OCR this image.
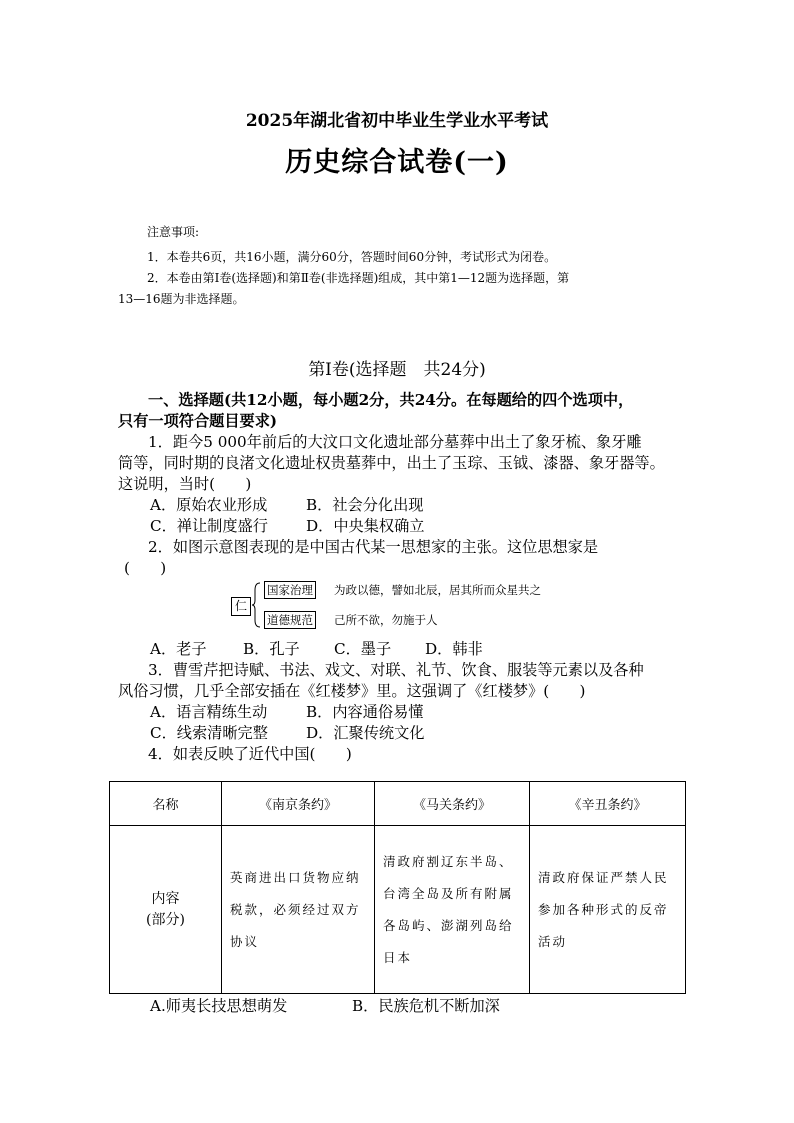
2025年湖北省初中毕业生学业水平考试
历史综合试卷(一)
注意事项:
1．本卷共6页，共16小题，满分60分，答题时间60分钟，考试形式为闭卷。
2．本卷由第Ⅰ卷(选择题)和第Ⅱ卷(非选择题)组成，其中第1—12题为选择题，第
13—16题为非选择题。
第Ⅰ卷(选择题　共24分)
一、选择题(共12小题，每小题2分，共24分。在每题给的四个选项中，
只有一项符合题目要求)
1．距今5 000年前后的大汶口文化遗址部分墓葬中出土了象牙梳、象牙雕
筒等，同时期的良渚文化遗址权贵墓葬中，出土了玉琮、玉钺、漆器、象牙器等。
这说明，当时(　　)
A．原始农业形成	B．社会分化出现
C．禅让制度盛行	D．中央集权确立
2．如图示意图表现的是中国古代某一思想家的主张。这位思想家是
(　　)
仁
国家治理 为政以德，譬如北辰，居其所而众星共之
道德规范 己所不欲，勿施于人
A．老子 B．孔子 C．墨子 D．韩非
3．曹雪芹把诗赋、书法、戏文、对联、礼节、饮食、服装等元素以及各种
风俗习惯，几乎全部安插在《红楼梦》里。这强调了《红楼梦》(　　)
A．语言精练生动	B．内容通俗易懂
C．线索清晰完整	D．汇聚传统文化
4．如表反映了近代中国(　　)
名称	《南京条约》	《马关条约》	《辛丑条约》

内容
(部分)	英商进出口货物应纳税款，必须经过双方协议	清政府割辽东半岛、台湾全岛及所有附属各岛屿、澎湖列岛给日本	清政府保证严禁人民参加各种形式的反帝活动
A.师夷长技思想萌发	B．民族危机不断加深
